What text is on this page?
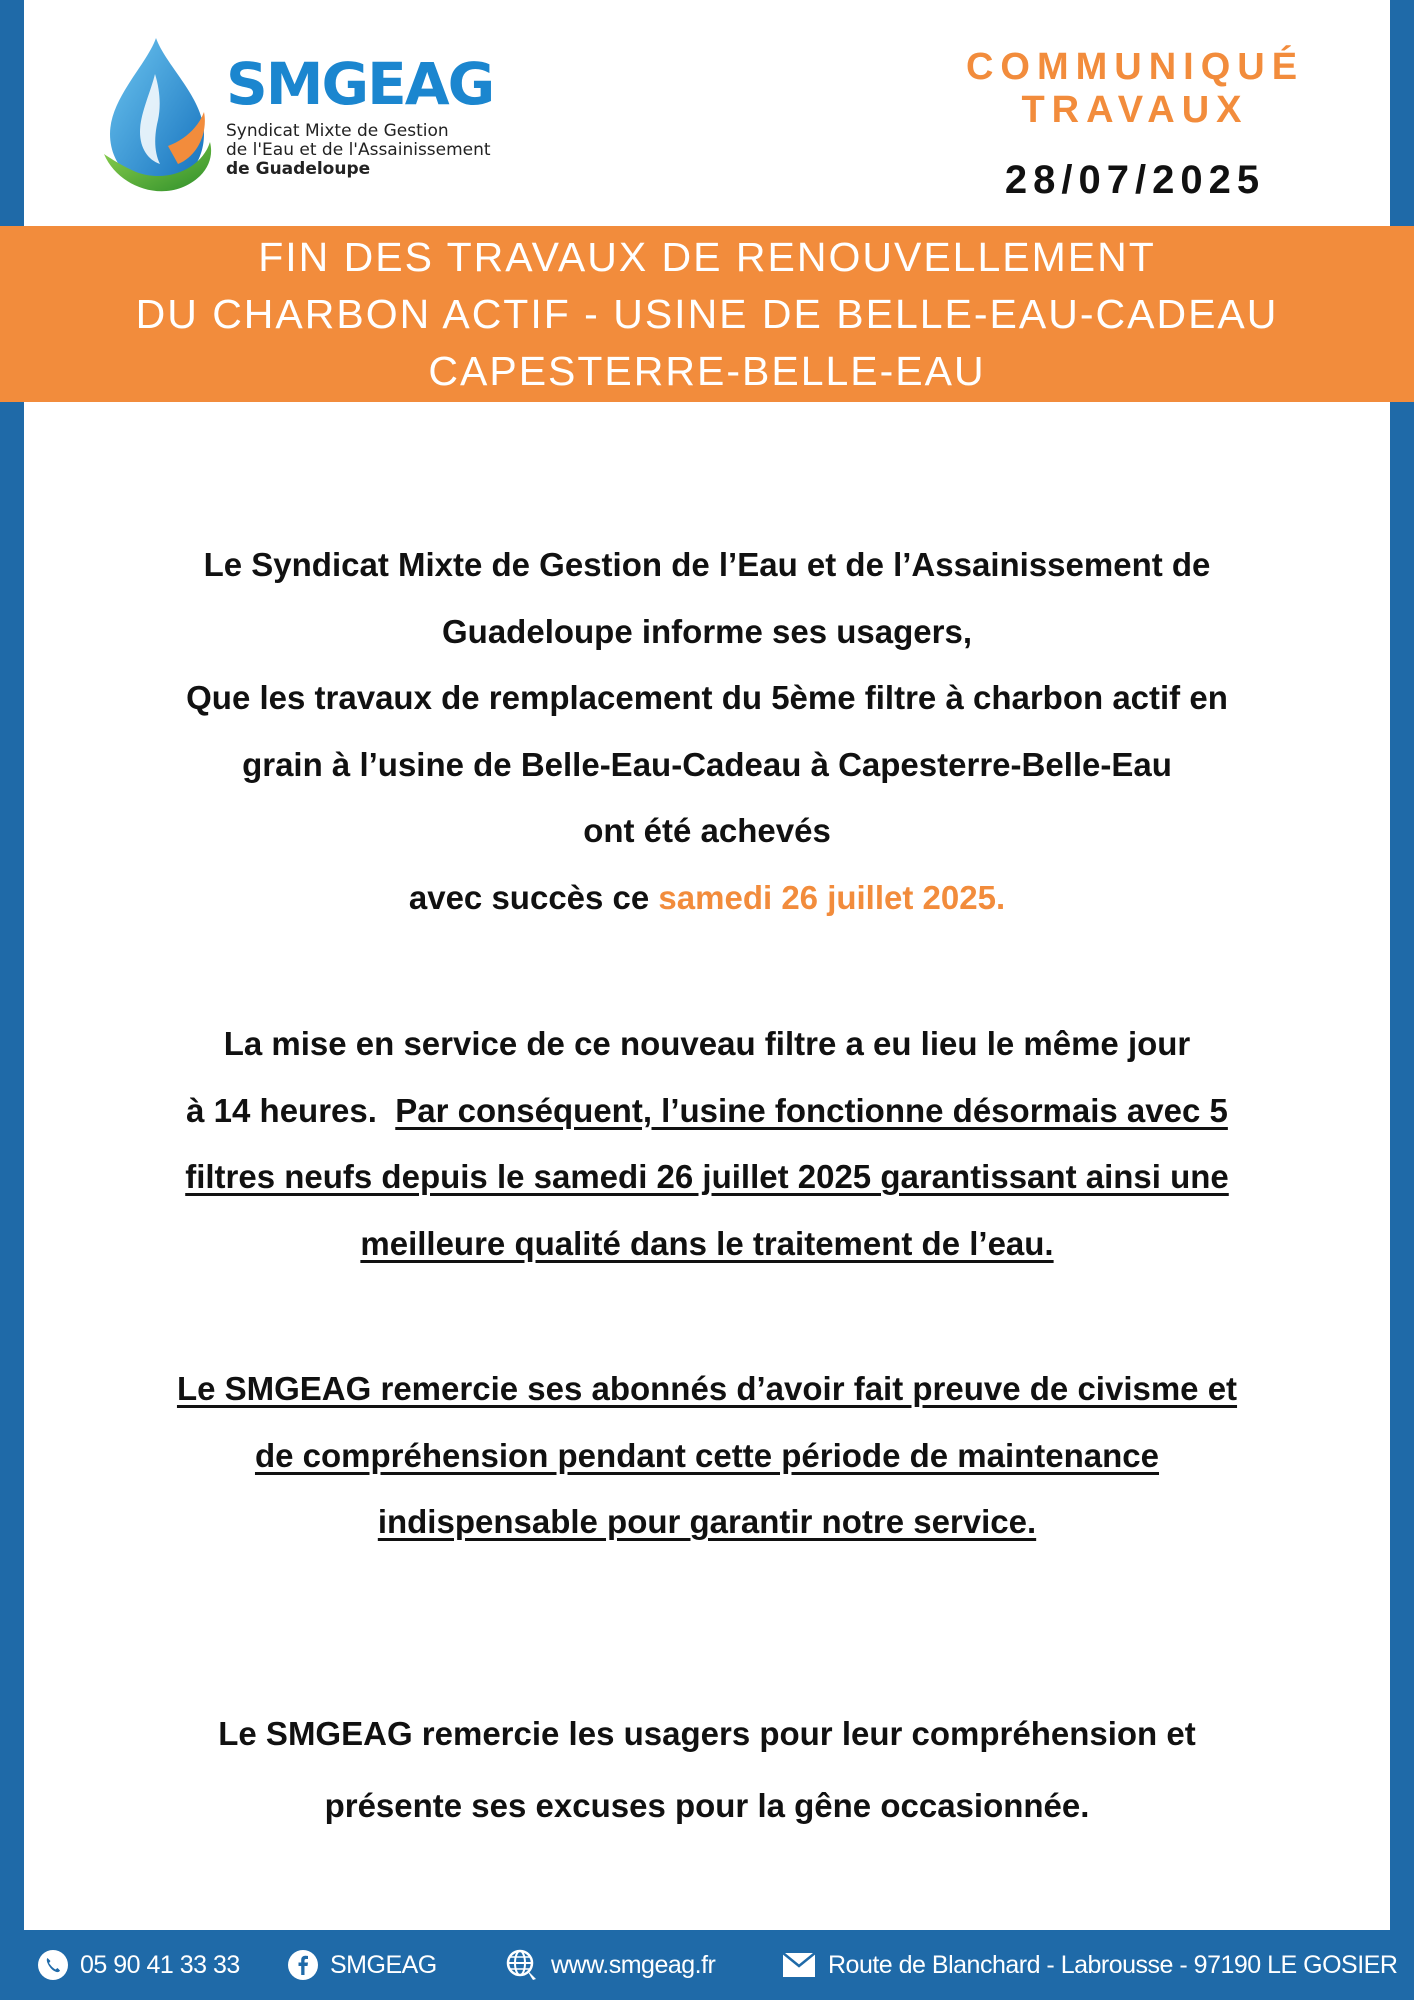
SMGEAG
Syndicat Mixte de Gestion
de l'Eau et de l'Assainissement
de Guadeloupe
COMMUNIQUÉ
TRAVAUX
28/07/2025
FIN DES TRAVAUX DE RENOUVELLEMENT
DU CHARBON ACTIF - USINE DE BELLE-EAU-CADEAU
CAPESTERRE-BELLE-EAU
Le Syndicat Mixte de Gestion de l’Eau et de l’Assainissement de
Guadeloupe informe ses usagers,
Que les travaux de remplacement du 5ème filtre à charbon actif en
grain à l’usine de Belle-Eau-Cadeau à Capesterre-Belle-Eau
ont été achevés
avec succès ce samedi 26 juillet 2025.
La mise en service de ce nouveau filtre a eu lieu le même jour
à 14 heures.  Par conséquent, l’usine fonctionne désormais avec 5
filtres neufs depuis le samedi 26 juillet 2025 garantissant ainsi une
meilleure qualité dans le traitement de l’eau.
Le SMGEAG remercie ses abonnés d’avoir fait preuve de civisme et
de compréhension pendant cette période de maintenance
indispensable pour garantir notre service.
Le SMGEAG remercie les usagers pour leur compréhension et
présente ses excuses pour la gêne occasionnée.
05 90 41 33 33	SMGEAG	www.smgeag.fr	Route de Blanchard - Labrousse - 97190 LE GOSIER
